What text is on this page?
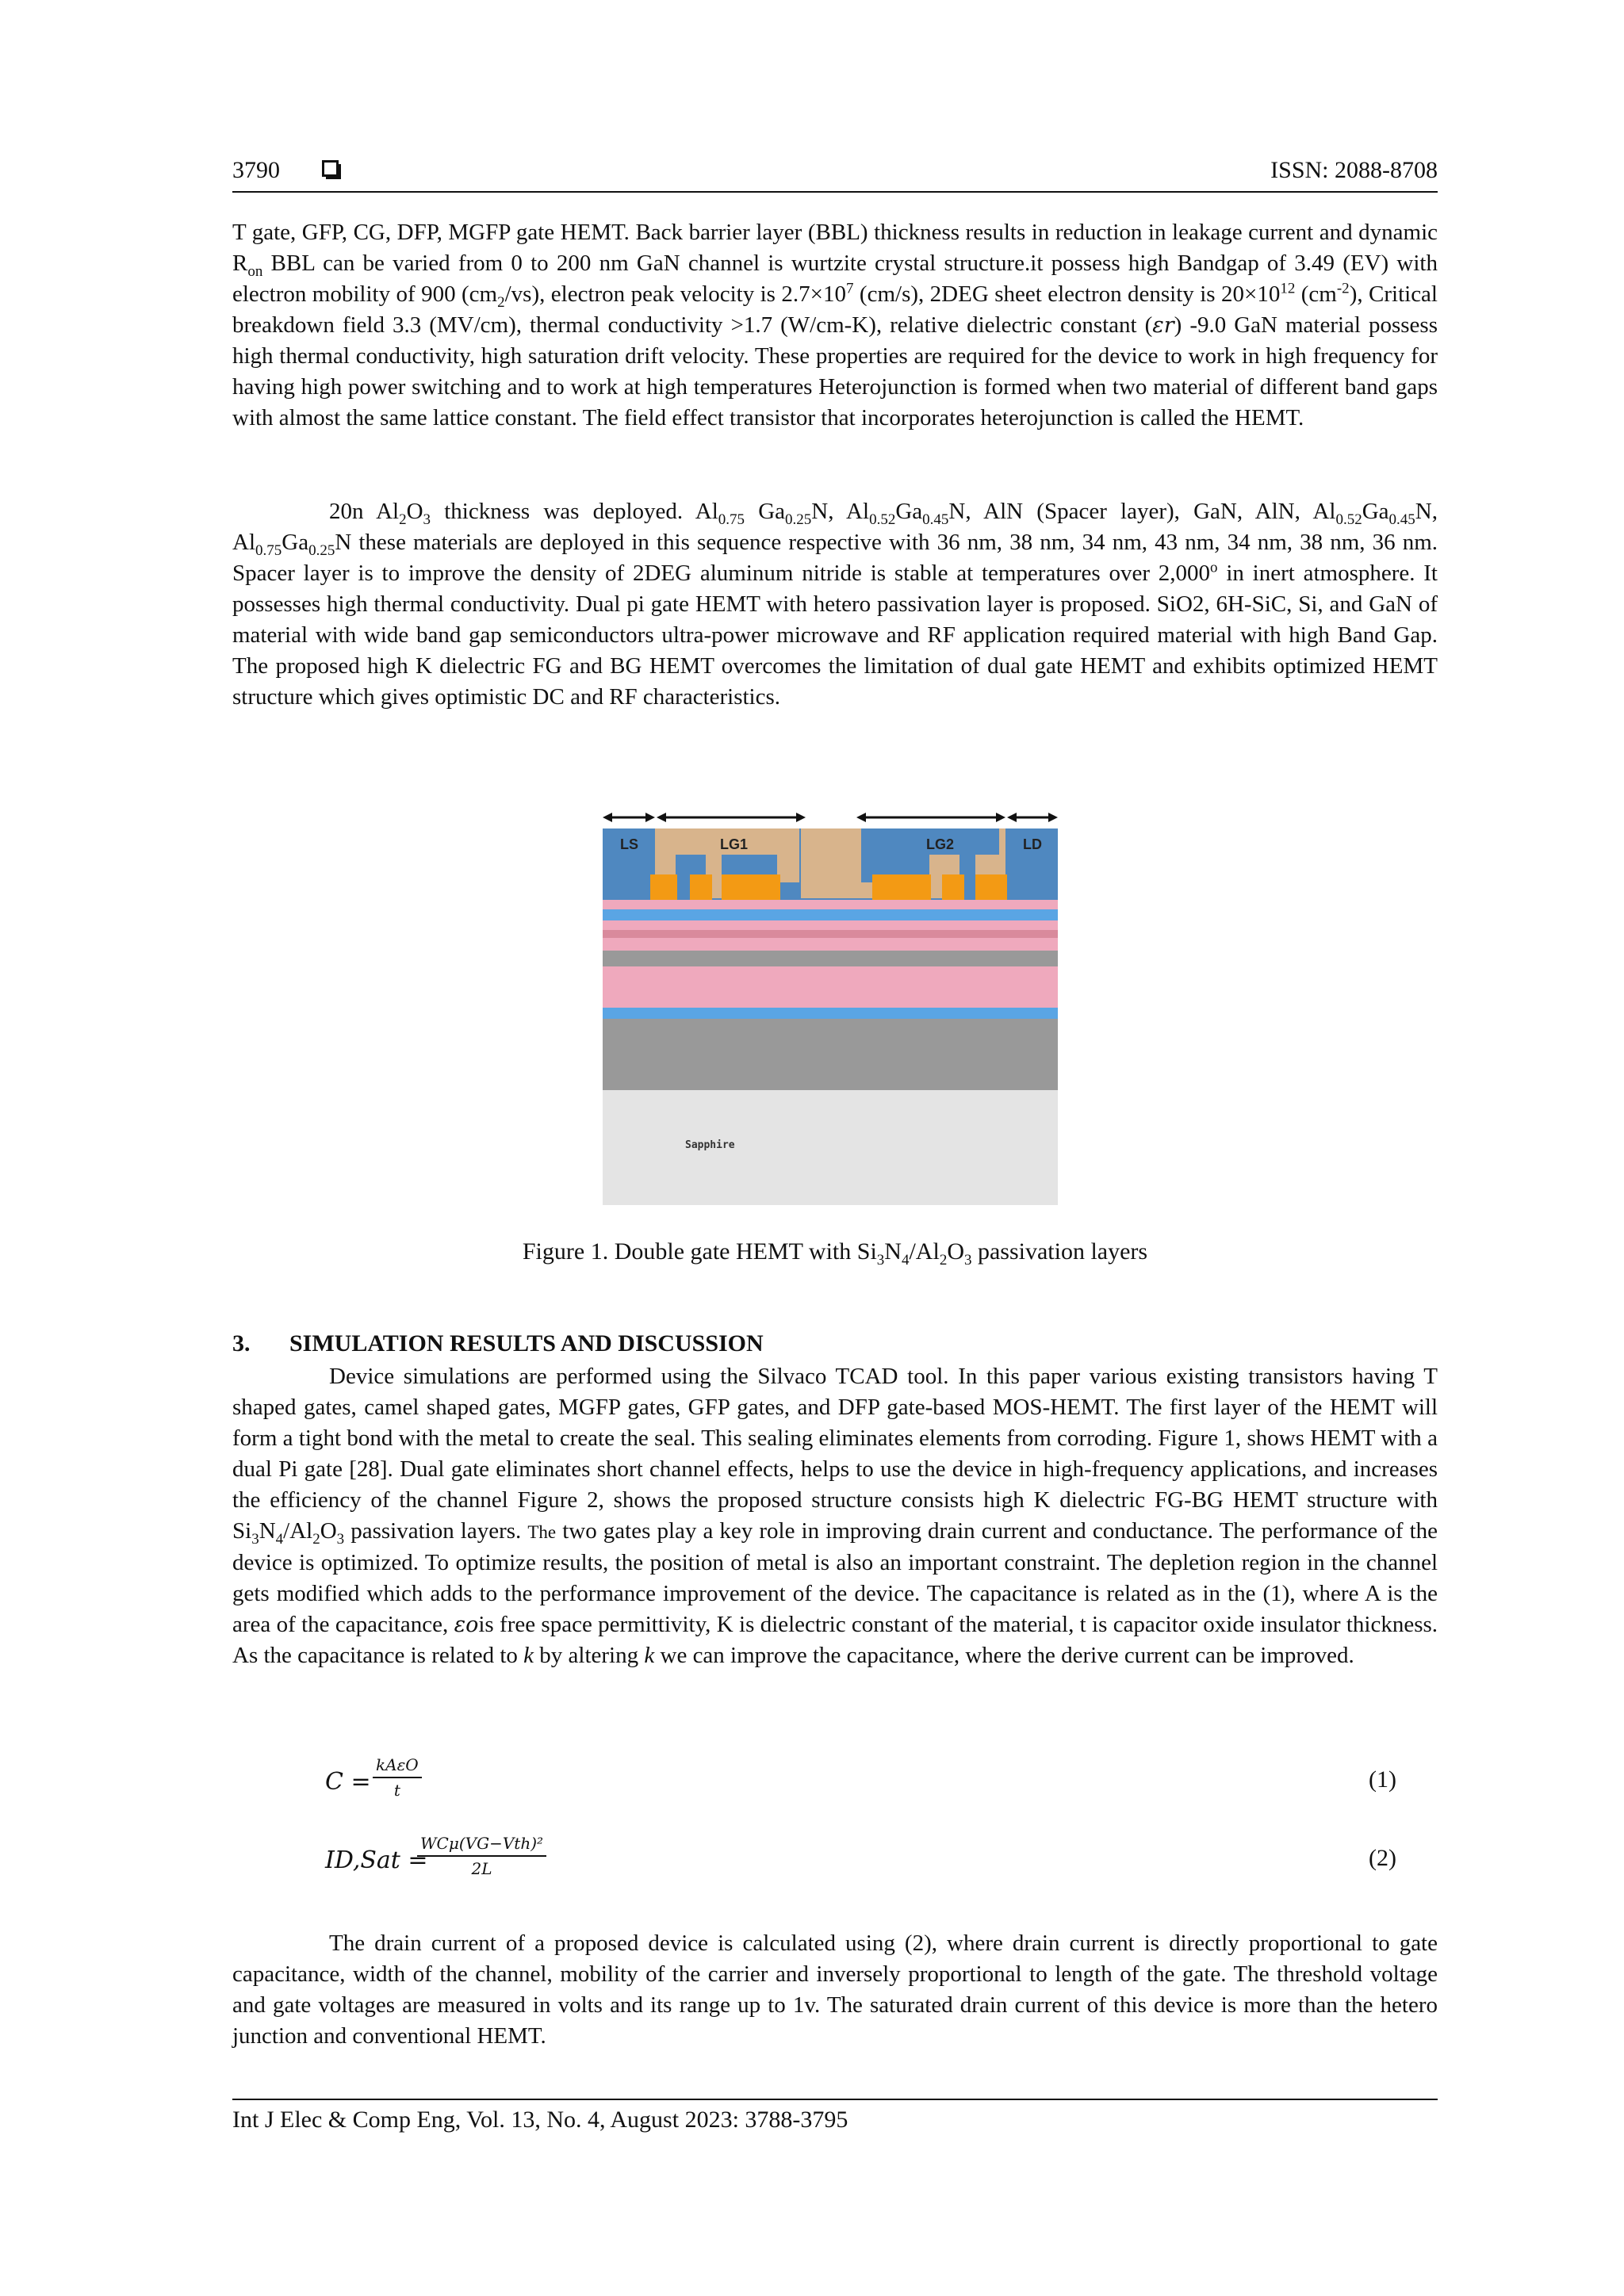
3790	ISSN: 2088-8708
T gate, GFP, CG, DFP, MGFP gate HEMT. Back barrier layer (BBL) thickness results in reduction in leakage current and dynamic $R_{on}$ BBL can be varied from 0 to 200 nm GaN channel is wurtzite crystal structure.it possess high Bandgap of 3.49 (EV) with electron mobility of 900 $(cm_2/vs)$, electron peak velocity is $2.7\times 10^7$ (cm/s), 2DEG sheet electron density is $20\times 10^{12}$ $(cm^{-2})$, Critical breakdown field 3.3 (MV/cm), thermal conductivity >1.7 (W/cm-K), relative dielectric constant (εr) -9.0 GaN material possess high thermal conductivity, high saturation drift velocity. These properties are required for the device to work in high frequency for having high power switching and to work at high temperatures Heterojunction is formed when two material of different band gaps with almost the same lattice constant. The field effect transistor that incorporates heterojunction is called the HEMT.
20n $Al_2O_3$ thickness was deployed. $Al_{0.75}$ $Ga_{0.25}N$, $Al_{0.52}Ga_{0.45}N$, AlN (Spacer layer), GaN, AlN, $Al_{0.52}Ga_{0.45}N$, $Al_{0.75}Ga_{0.25}N$ these materials are deployed in this sequence respective with 36 nm, 38 nm, 34 nm, 43 nm, 34 nm, 38 nm, 36 nm. Spacer layer is to improve the density of 2DEG aluminum nitride is stable at temperatures over 2,000$^o$ in inert atmosphere. It possesses high thermal conductivity. Dual pi gate HEMT with hetero passivation layer is proposed. SiO2, 6H-SiC, Si, and GaN of material with wide band gap semiconductors ultra-power microwave and RF application required material with high Band Gap. The proposed high K dielectric FG and BG HEMT overcomes the limitation of dual gate HEMT and exhibits optimized HEMT structure which gives optimistic DC and RF characteristics.
LS	LG1	LG2	LD
Sapphire
Figure 1. Double gate HEMT with $Si_3N_4/Al_2O_3$ passivation layers
3. SIMULATION RESULTS AND DISCUSSION
Device simulations are performed using the Silvaco TCAD tool. In this paper various existing transistors having T shaped gates, camel shaped gates, MGFP gates, GFP gates, and DFP gate-based MOS-HEMT. The first layer of the HEMT will form a tight bond with the metal to create the seal. This sealing eliminates elements from corroding. Figure 1, shows HEMT with a dual Pi gate [28]. Dual gate eliminates short channel effects, helps to use the device in high-frequency applications, and increases the efficiency of the channel Figure 2, shows the proposed structure consists high K dielectric FG-BG HEMT structure with $Si_3N_4/Al_2O_3$ passivation layers. The two gates play a key role in improving drain current and conductance. The performance of the device is optimized. To optimize results, the position of metal is also an important constraint. The depletion region in the channel gets modified which adds to the performance improvement of the device. The capacitance is related as in the (1), where A is the area of the capacitance, εois free space permittivity, K is dielectric constant of the material, t is capacitor oxide insulator thickness. As the capacitance is related to k by altering k we can improve the capacitance, where the derive current can be improved.
C =
kAεO
t	(1)
ID,Sat =
WCμ(VG−Vth)²
2L	(2)
The drain current of a proposed device is calculated using (2), where drain current is directly proportional to gate capacitance, width of the channel, mobility of the carrier and inversely proportional to length of the gate. The threshold voltage and gate voltages are measured in volts and its range up to 1v. The saturated drain current of this device is more than the hetero junction and conventional HEMT.
Int J Elec & Comp Eng, Vol. 13, No. 4, August 2023: 3788-3795
